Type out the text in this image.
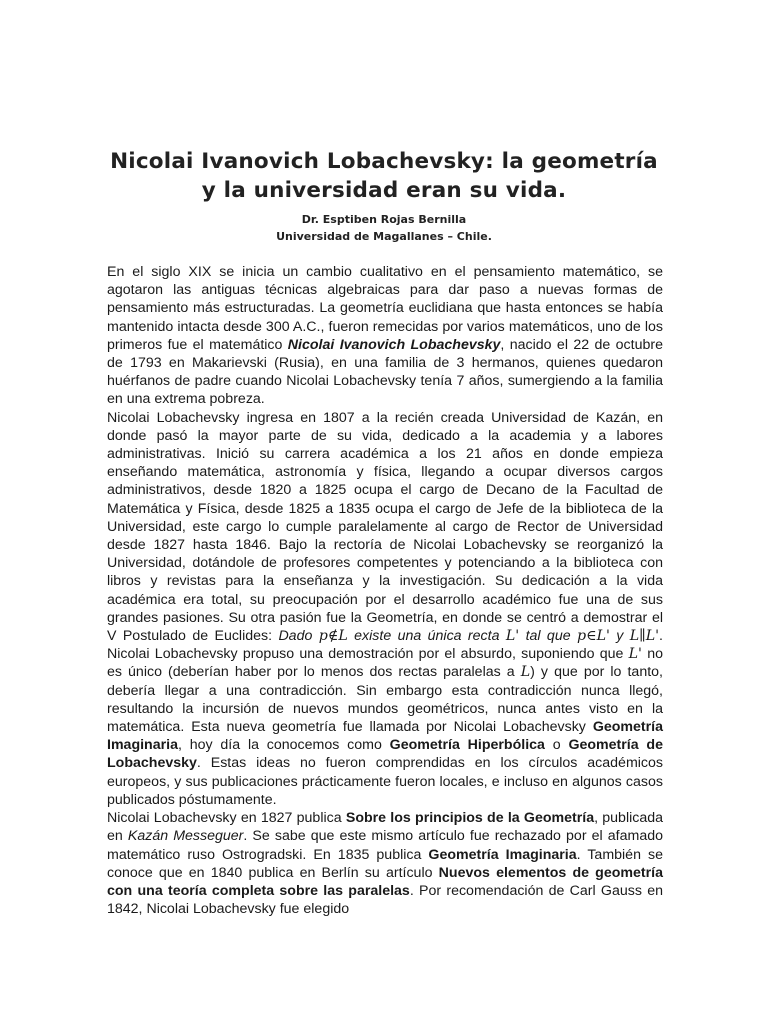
Nicolai Ivanovich Lobachevsky: la geometría
y la universidad eran su vida.
Dr. Esptiben Rojas Bernilla
Universidad de Magallanes – Chile.

En el siglo XIX se inicia un cambio cualitativo en el pensamiento matemático, se agotaron las antiguas técnicas algebraicas para dar paso a nuevas formas de pensamiento más estructuradas. La geometría euclidiana que hasta entonces se había mantenido intacta desde 300 A.C., fueron remecidas por varios matemáticos, uno de los primeros fue el matemático Nicolai Ivanovich Lobachevsky, nacido el 22 de octubre de 1793 en Makarievski (Rusia), en una familia de 3 hermanos, quienes quedaron huérfanos de padre cuando Nicolai Lobachevsky tenía 7 años, sumergiendo a la familia en una extrema pobreza.

Nicolai Lobachevsky ingresa en 1807 a la recién creada Universidad de Kazán, en donde pasó la mayor parte de su vida, dedicado a la academia y a labores administrativas. Inició su carrera académica a los 21 años en donde empieza enseñando matemática, astronomía y física, llegando a ocupar diversos cargos administrativos, desde 1820 a 1825 ocupa el cargo de Decano de la Facultad de Matemática y Física, desde 1825 a 1835 ocupa el cargo de Jefe de la biblioteca de la Universidad, este cargo lo cumple paralelamente al cargo de Rector de Universidad desde 1827 hasta 1846. Bajo la rectoría de Nicolai Lobachevsky se reorganizó la Universidad, dotándole de profesores competentes y potenciando a la biblioteca con libros y revistas para la enseñanza y la investigación. Su dedicación a la vida académica era total, su preocupación por el desarrollo académico fue una de sus grandes pasiones. Su otra pasión fue la Geometría, en donde se centró a demostrar el V Postulado de Euclides: Dado p∉L existe una única recta L' tal que p∈L' y L∥L'. Nicolai Lobachevsky propuso una demostración por el absurdo, suponiendo que L' no es único (deberían haber por lo menos dos rectas paralelas a L) y que por lo tanto, debería llegar a una contradicción. Sin embargo esta contradicción nunca llegó, resultando la incursión de nuevos mundos geométricos, nunca antes visto en la matemática. Esta nueva geometría fue llamada por Nicolai Lobachevsky Geometría Imaginaria, hoy día la conocemos como Geometría Hiperbólica o Geometría de Lobachevsky. Estas ideas no fueron comprendidas en los círculos académicos europeos, y sus publicaciones prácticamente fueron locales, e incluso en algunos casos publicados póstumamente.

Nicolai Lobachevsky en 1827 publica Sobre los principios de la Geometría, publicada en Kazán Messeguer. Se sabe que este mismo artículo fue rechazado por el afamado matemático ruso Ostrogradski. En 1835 publica Geometría Imaginaria. También se conoce que en 1840 publica en Berlín su artículo Nuevos elementos de geometría con una teoría completa sobre las paralelas. Por recomendación de Carl Gauss en 1842, Nicolai Lobachevsky fue elegido
